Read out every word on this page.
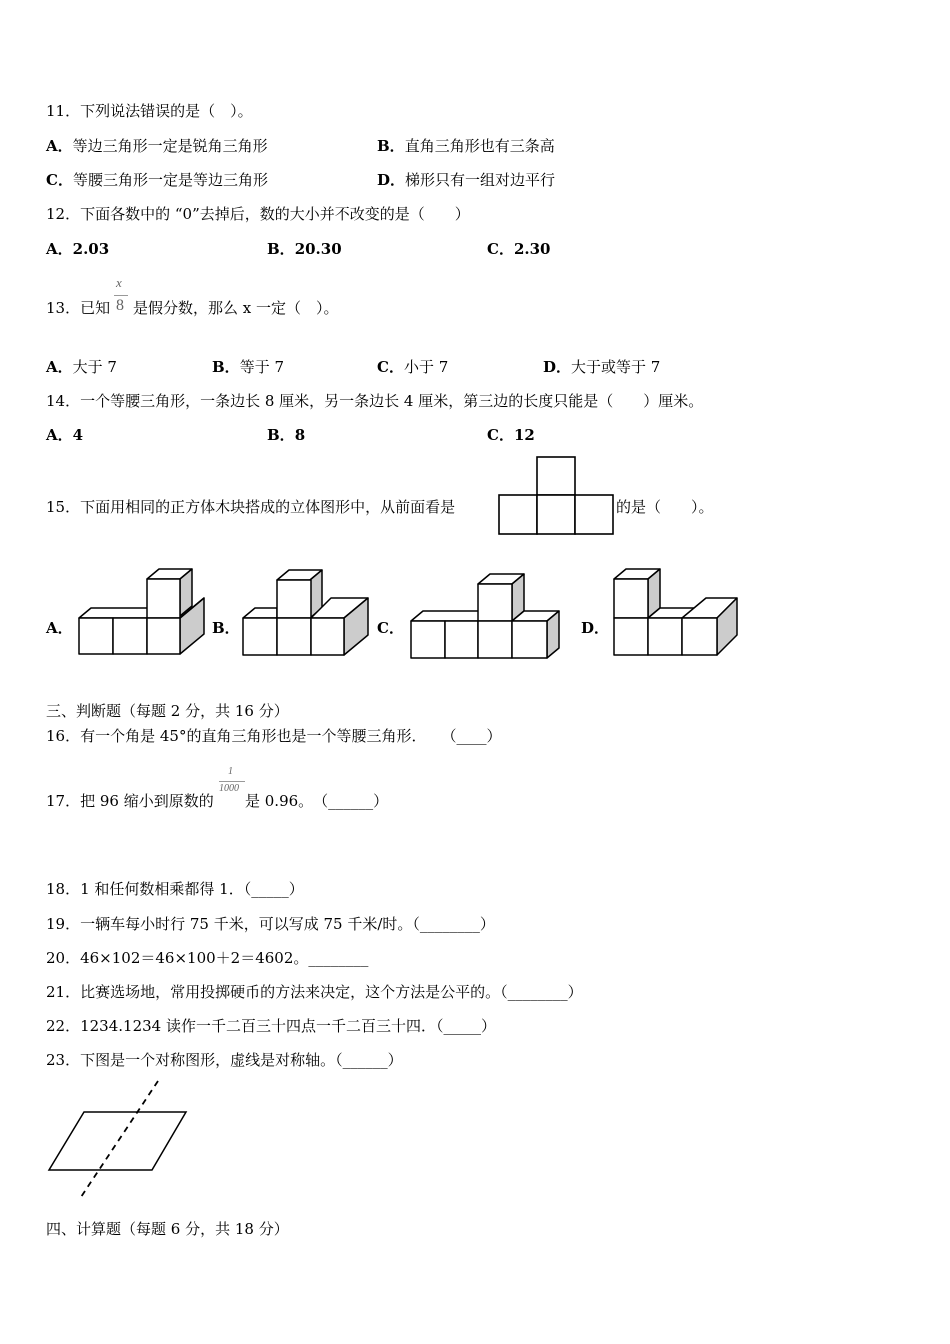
11．下列说法错误的是（　）。
A．等边三角形一定是锐角三角形	B．直角三角形也有三条高
C．等腰三角形一定是等边三角形	D．梯形只有一组对边平行
12．下面各数中的 “0”去掉后，数的大小并不改变的是（　　）
A．2.03	B．20.30	C．2.30
13．已知
x
8 是假分数，那么 x 一定（　）。
A．大于 7	B．等于 7	C．小于 7	D．大于或等于 7
14．一个等腰三角形，一条边长 8 厘米，另一条边长 4 厘米，第三边的长度只能是（　　）厘米。
A．4	B．8	C．12
15．下面用相同的正方体木块搭成的立体图形中，从前面看是	的是（　　）。
A．	B．	C．	D．
三、判断题（每题 2 分，共 16 分）
16．有一个角是 45°的直角三角形也是一个等腰三角形．　　（____）
17．把 96 缩小到原数的
1
1000
是 0.96。　（______）
18．1 和任何数相乘都得 1．（_____）
19．一辆车每小时行 75 千米，可以写成 75 千米/时。（________）
20．46×102＝46×100＋2＝4602。________
21．比赛选场地，常用投掷硬币的方法来决定，这个方法是公平的。（________）
22．1234.1234 读作一千二百三十四点一千二百三十四．（_____）
23．下图是一个对称图形，虚线是对称轴。（______）
四、计算题（每题 6 分，共 18 分）
